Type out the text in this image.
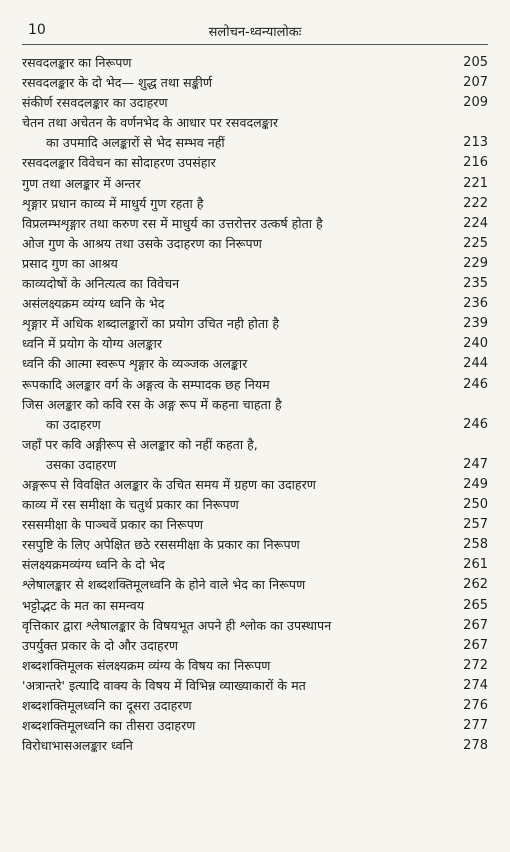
10	सलोचन-ध्वन्यालोकः
रसवदलङ्कार का निरूपण	205
रसवदलङ्कार के दो भेद— शुद्ध तथा सङ्कीर्ण	207
संकीर्ण रसवदलङ्कार का उदाहरण	209
चेतन तथा अचेतन के वर्णनभेद के आधार पर रसवदलङ्कार
का उपमादि अलङ्कारों से भेद सम्भव नहीं	213
रसवदलङ्कार विवेचन का सोदाहरण उपसंहार	216
गुण तथा अलङ्कार में अन्तर	221
शृङ्गार प्रधान काव्य में माधुर्य गुण रहता है	222
विप्रलम्भशृङ्गार तथा करुण रस में माधुर्य का उत्तरोत्तर उत्कर्ष होता है	224
ओज गुण के आश्रय तथा उसके उदाहरण का निरूपण	225
प्रसाद गुण का आश्रय	229
काव्यदोषों के अनित्यत्व का विवेचन	235
असंलक्ष्यक्रम व्यंग्य ध्वनि के भेद	236
शृङ्गार में अधिक शब्दालङ्कारों का प्रयोग उचित नही होता है	239
ध्वनि में प्रयोग के योग्य अलङ्कार	240
ध्वनि की आत्मा स्वरूप शृङ्गार के व्यञ्जक अलङ्कार	244
रूपकादि अलङ्कार वर्ग के अङ्गत्व के सम्पादक छह नियम	246
जिस अलङ्कार को कवि रस के अङ्ग रूप में कहना चाहता है
का उदाहरण	246
जहाँ पर कवि अङ्गीरूप से अलङ्कार को नहीं कहता है,
उसका उदाहरण	247
अङ्गरूप से विवक्षित अलङ्कार के उचित समय में ग्रहण का उदाहरण	249
काव्य में रस समीक्षा के चतुर्थ प्रकार का निरूपण	250
रससमीक्षा के पाञ्चवें प्रकार का निरूपण	257
रसपुष्टि के लिए अपेक्षित छठे रससमीक्षा के प्रकार का निरूपण	258
संलक्ष्यक्रमव्यंग्य ध्वनि के दो भेद	261
श्लेषालङ्कार से शब्दशक्तिमूलध्वनि के होने वाले भेद का निरूपण	262
भट्टोद्भट के मत का समन्वय	265
वृत्तिकार द्वारा श्लेषालङ्कार के विषयभूत अपने ही श्लोक का उपस्थापन	267
उपर्युक्त प्रकार के दो और उदाहरण	267
शब्दशक्तिमूलक संलक्ष्यक्रम व्यंग्य के विषय का निरूपण	272
'अत्रान्तरे' इत्यादि वाक्य के विषय में विभिन्न व्याख्याकारों के मत	274
शब्दशक्तिमूलध्वनि का दूसरा उदाहरण	276
शब्दशक्तिमूलध्वनि का तीसरा उदाहरण	277
विरोधाभासअलङ्कार ध्वनि	278
